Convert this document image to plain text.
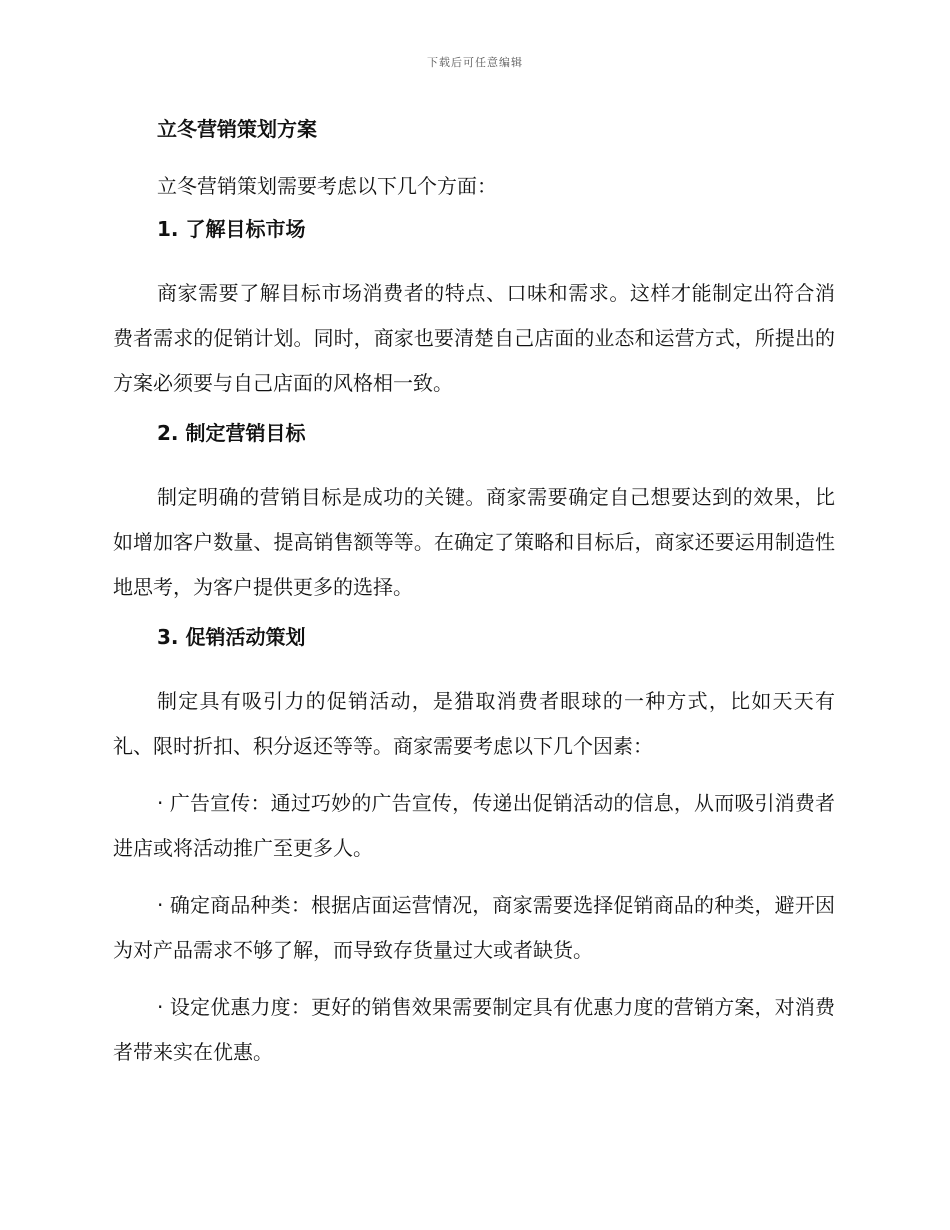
下载后可任意编辑
立冬营销策划方案
立冬营销策划需要考虑以下几个方面：
1. 了解目标市场
商家需要了解目标市场消费者的特点、口味和需求。这样才能制定出符合消费者需求的促销计划。同时，商家也要清楚自己店面的业态和运营方式，所提出的方案必须要与自己店面的风格相一致。
2. 制定营销目标
制定明确的营销目标是成功的关键。商家需要确定自己想要达到的效果，比如增加客户数量、提高销售额等等。在确定了策略和目标后，商家还要运用制造性地思考，为客户提供更多的选择。
3. 促销活动策划
制定具有吸引力的促销活动，是猎取消费者眼球的一种方式，比如天天有礼、限时折扣、积分返还等等。商家需要考虑以下几个因素：
· 广告宣传：通过巧妙的广告宣传，传递出促销活动的信息，从而吸引消费者进店或将活动推广至更多人。
· 确定商品种类：根据店面运营情况，商家需要选择促销商品的种类，避开因为对产品需求不够了解，而导致存货量过大或者缺货。
· 设定优惠力度：更好的销售效果需要制定具有优惠力度的营销方案，对消费者带来实在优惠。
